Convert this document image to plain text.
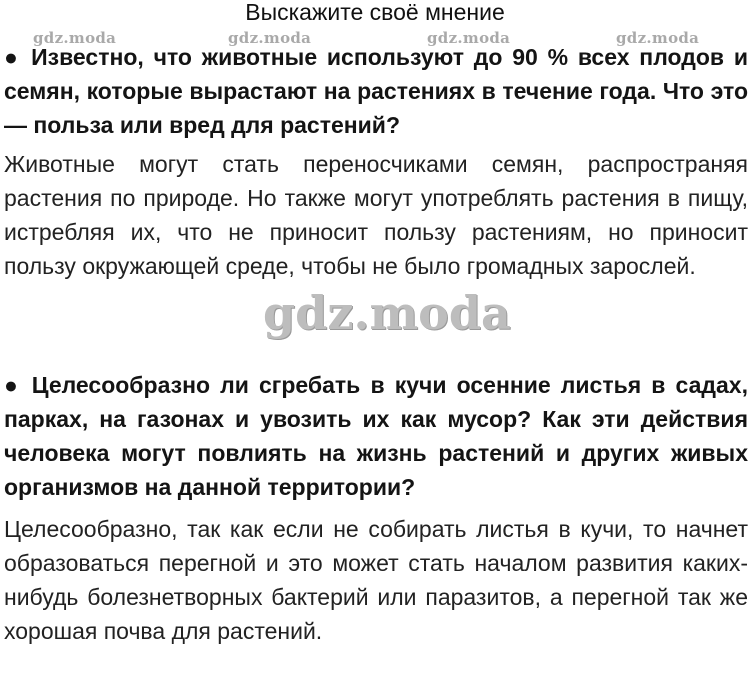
Выскажите своё мнение
gdz.moda	gdz.moda	gdz.moda	gdz.moda
● Известно, что животные используют до 90 % всех плодов и семян, которые вырастают на растениях в течение года. Что это — польза или вред для растений?
Животные могут стать переносчиками семян, распространяя растения по природе. Но также могут употреблять растения в пищу, истребляя их, что не приносит пользу растениям, но приносит пользу окружающей среде, чтобы не было громадных зарослей.
gdz.moda
● Целесообразно ли сгребать в кучи осенние листья в садах, парках, на газонах и увозить их как мусор? Как эти действия человека могут повлиять на жизнь растений и других живых организмов на данной территории?
Целесообразно, так как если не собирать листья в кучи, то начнет образоваться перегной и это может стать началом развития каких-нибудь болезнетворных бактерий или паразитов, а перегной так же хорошая почва для растений.
